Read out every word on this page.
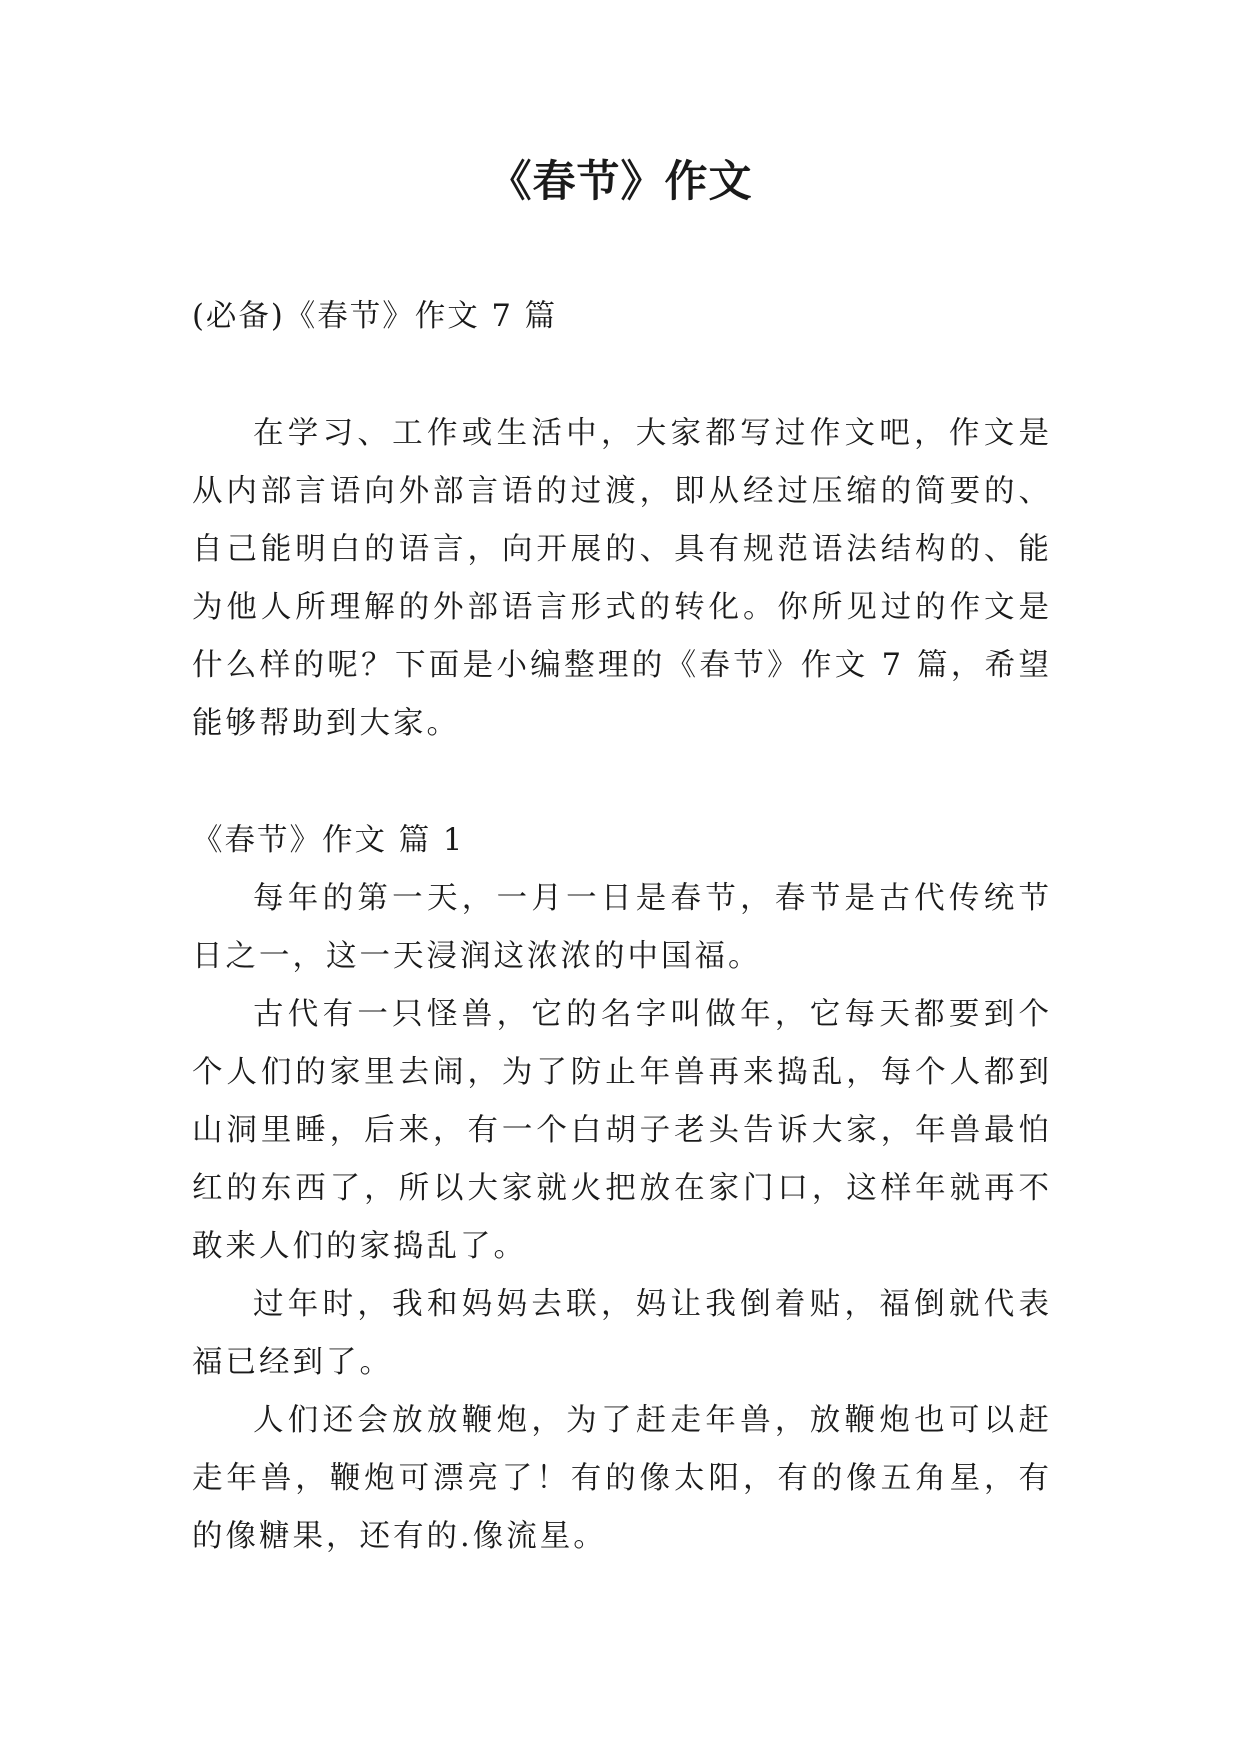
《春节》作文

(必备)《春节》作文 7 篇

在学习、工作或生活中，大家都写过作文吧，作文是从内部言语向外部言语的过渡，即从经过压缩的简要的、自己能明白的语言，向开展的、具有规范语法结构的、能为他人所理解的外部语言形式的转化。你所见过的作文是什么样的呢？下面是小编整理的《春节》作文 7 篇，希望能够帮助到大家。

《春节》作文 篇 1

每年的第一天，一月一日是春节，春节是古代传统节日之一，这一天浸润这浓浓的中国福。

古代有一只怪兽，它的名字叫做年，它每天都要到个个人们的家里去闹，为了防止年兽再来捣乱，每个人都到山洞里睡，后来，有一个白胡子老头告诉大家，年兽最怕红的东西了，所以大家就火把放在家门口，这样年就再不敢来人们的家捣乱了。

过年时，我和妈妈去联，妈让我倒着贴，福倒就代表福已经到了。

人们还会放放鞭炮，为了赶走年兽，放鞭炮也可以赶走年兽，鞭炮可漂亮了！有的像太阳，有的像五角星，有的像糖果，还有的.像流星。
